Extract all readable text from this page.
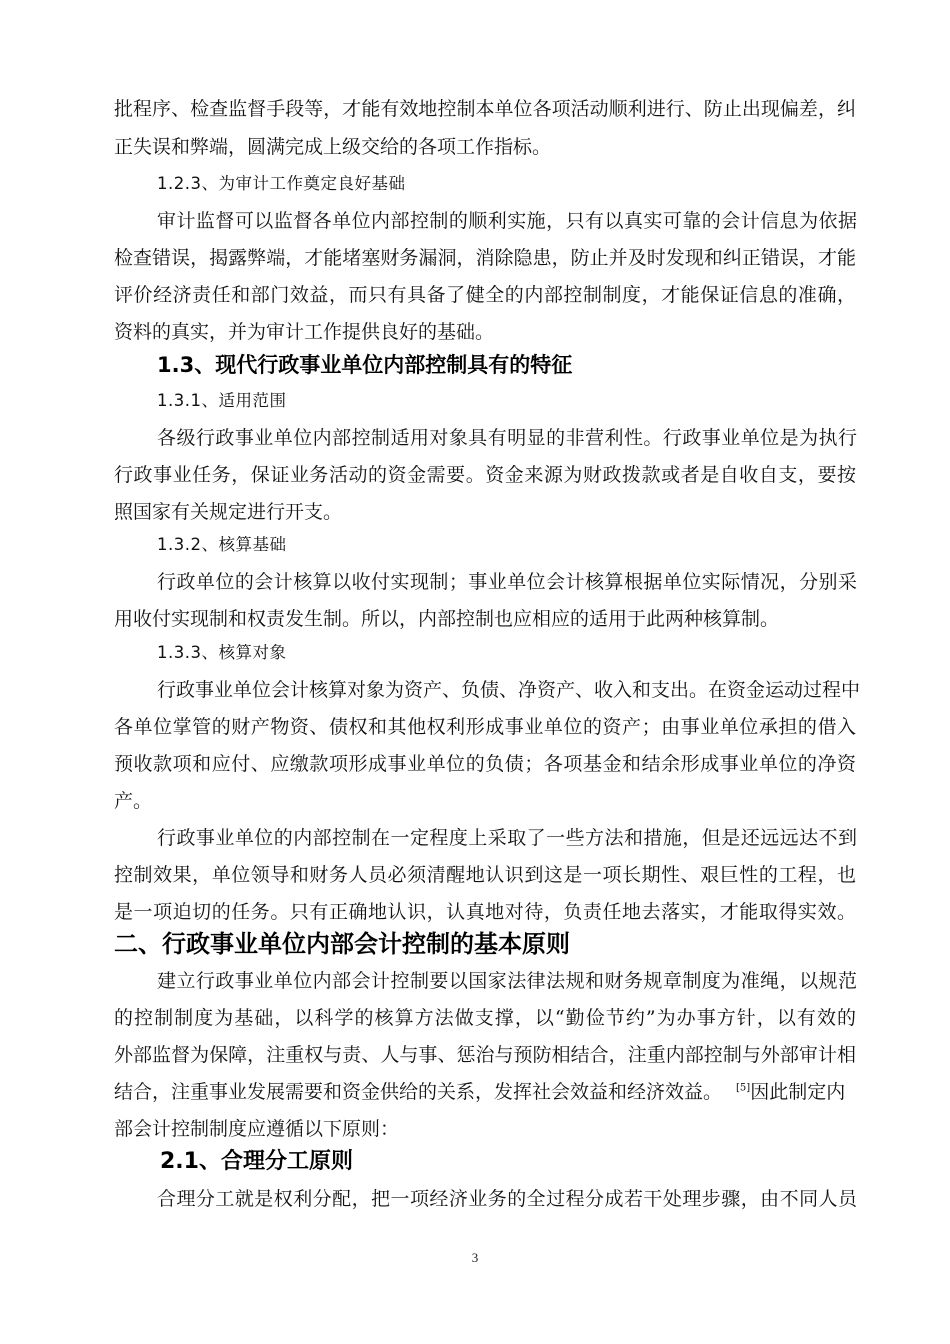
批程序、检查监督手段等，才能有效地控制本单位各项活动顺利进行、防止出现偏差，纠
正失误和弊端，圆满完成上级交给的各项工作指标。
1.2.3、为审计工作奠定良好基础
审计监督可以监督各单位内部控制的顺利实施，只有以真实可靠的会计信息为依据
检查错误，揭露弊端，才能堵塞财务漏洞，消除隐患，防止并及时发现和纠正错误，才能
评价经济责任和部门效益，而只有具备了健全的内部控制制度，才能保证信息的准确，
资料的真实，并为审计工作提供良好的基础。
1.3、现代行政事业单位内部控制具有的特征
1.3.1、适用范围
各级行政事业单位内部控制适用对象具有明显的非营利性。行政事业单位是为执行
行政事业任务，保证业务活动的资金需要。资金来源为财政拨款或者是自收自支，要按
照国家有关规定进行开支。
1.3.2、核算基础
行政单位的会计核算以收付实现制；事业单位会计核算根据单位实际情况，分别采
用收付实现制和权责发生制。所以，内部控制也应相应的适用于此两种核算制。
1.3.3、核算对象
行政事业单位会计核算对象为资产、负债、净资产、收入和支出。在资金运动过程中
各单位掌管的财产物资、债权和其他权利形成事业单位的资产；由事业单位承担的借入
预收款项和应付、应缴款项形成事业单位的负债；各项基金和结余形成事业单位的净资
产。
行政事业单位的内部控制在一定程度上采取了一些方法和措施，但是还远远达不到
控制效果，单位领导和财务人员必须清醒地认识到这是一项长期性、艰巨性的工程，也
是一项迫切的任务。只有正确地认识，认真地对待，负责任地去落实，才能取得实效。
二、行政事业单位内部会计控制的基本原则
建立行政事业单位内部会计控制要以国家法律法规和财务规章制度为准绳，以规范
的控制制度为基础，以科学的核算方法做支撑，以“勤俭节约”为办事方针，以有效的
外部监督为保障，注重权与责、人与事、惩治与预防相结合，注重内部控制与外部审计相
结合，注重事业发展需要和资金供给的关系，发挥社会效益和经济效益。 [5]因此制定内
部会计控制制度应遵循以下原则：
2.1、合理分工原则
合理分工就是权利分配，把一项经济业务的全过程分成若干处理步骤，由不同人员
3
